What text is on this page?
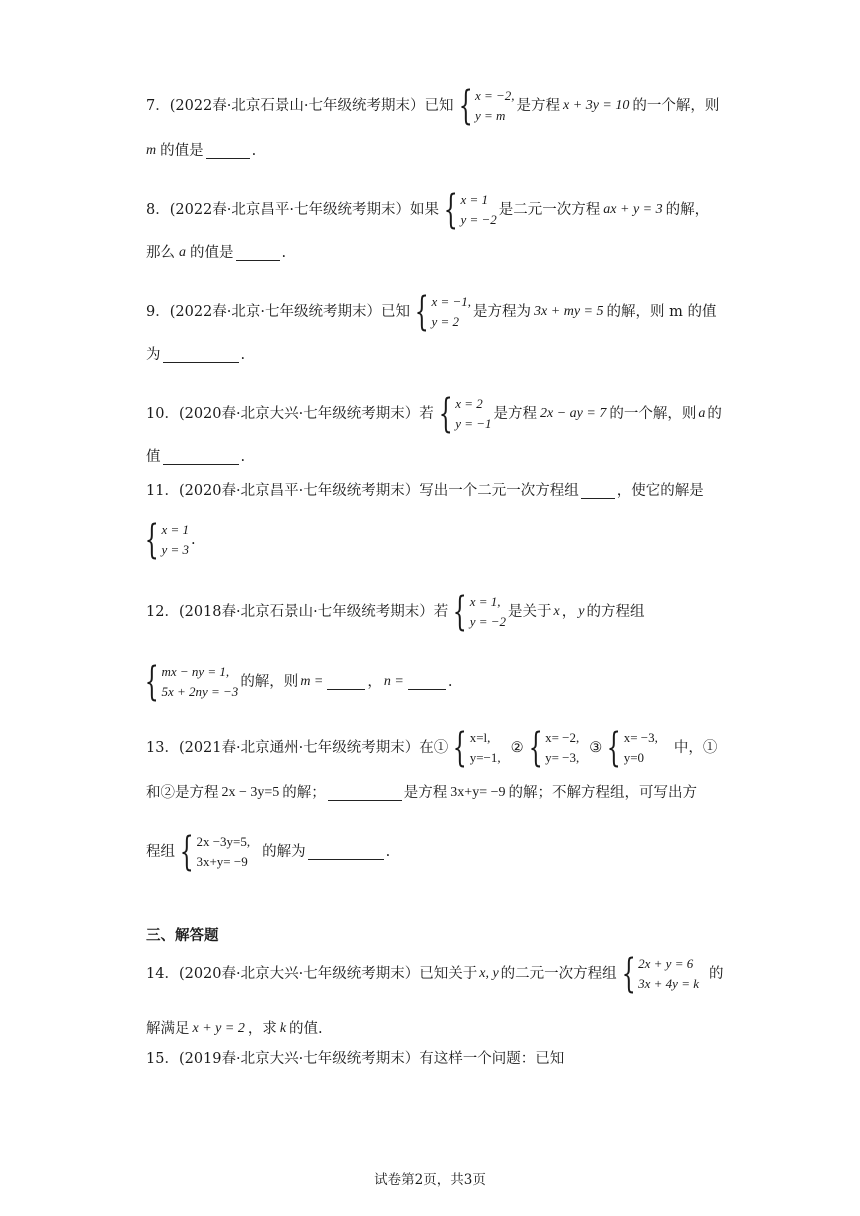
7．(2022春·北京石景山·七年级统考期末）已知 { x = −2,
y = m
是方程 x + 3y = 10 的一个解，则
m 的值是	.
8．(2022春·北京昌平·七年级统考期末）如果 { x = 1
y = −2
是二元一次方程 ax + y = 3 的解，
那么 a 的值是	.
9．(2022春·北京·七年级统考期末）已知 { x = −1,
y = 2
是方程为 3x + my = 5 的解，则 m 的值
为	.
10．(2020春·北京大兴·七年级统考期末）若 { x = 2
y = −1
是方程 2x − ay = 7 的一个解，则 a 的
值	.
11．(2020春·北京昌平·七年级统考期末）写出一个二元一次方程组	，使它的解是
{ x = 1
y = 3
.
12．(2018春·北京石景山·七年级统考期末）若 { x = 1,
y = −2
是关于 x ， y 的方程组
{ mx − ny = 1,
5x + 2ny = −3
的解，则 m =	， n =	.
13．(2021春·北京通州·七年级统考期末）在① { x=l,
y=−1,
② { x= −2,
y= −3,
③ { x= −3,
y=0
中，①
和②是方程 2x − 3y=5 的解；	是方程 3x+y= −9 的解；不解方程组，可写出方
程组 { 2x −3y=5,
3x+y= −9
的解为	.
三、解答题
14．(2020春·北京大兴·七年级统考期末）已知关于 x, y 的二元一次方程组 { 2x + y = 6
3x + 4y = k
的
解满足 x + y = 2 ，求 k 的值.
15．(2019春·北京大兴·七年级统考期末）有这样一个问题：已知
试卷第2页，共3页
